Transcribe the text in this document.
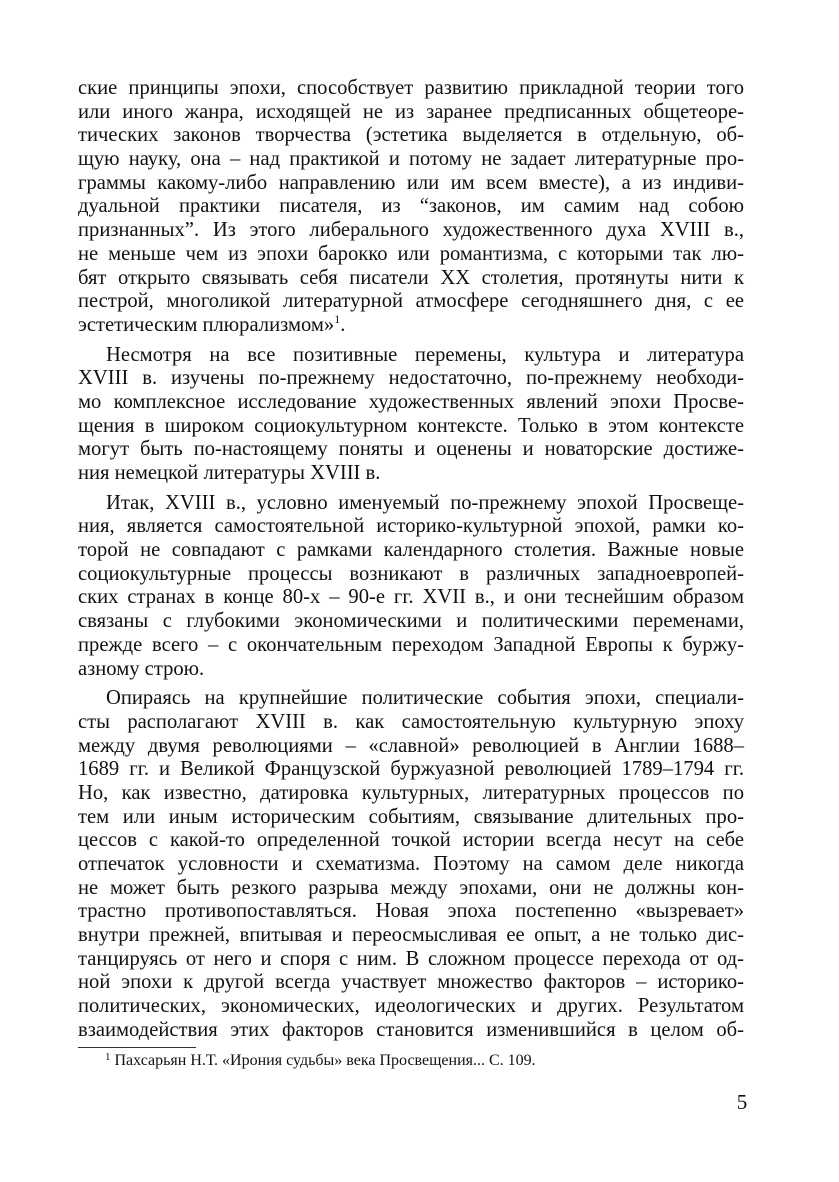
ские принципы эпохи, способствует развитию прикладной теории того
или иного жанра, исходящей не из заранее предписанных общетеоре-
тических законов творчества (эстетика выделяется в отдельную, об-
щую науку, она – над практикой и потому не задает литературные про-
граммы какому-либо направлению или им всем вместе), а из индиви-
дуальной практики писателя, из “законов, им самим над собою
признанных”. Из этого либерального художественного духа XVIII в.,
не меньше чем из эпохи барокко или романтизма, с которыми так лю-
бят открыто связывать себя писатели XX столетия, протянуты нити к
пестрой, многоликой литературной атмосфере сегодняшнего дня, с ее
эстетическим плюрализмом»$^1$.

Несмотря на все позитивные перемены, культура и литература
XVIII в. изучены по-прежнему недостаточно, по-прежнему необходи-
мо комплексное исследование художественных явлений эпохи Просве-
щения в широком социокультурном контексте. Только в этом контексте
могут быть по-настоящему поняты и оценены и новаторские достиже-
ния немецкой литературы XVIII в.

Итак, XVIII в., условно именуемый по-прежнему эпохой Просвеще-
ния, является самостоятельной историко-культурной эпохой, рамки ко-
торой не совпадают с рамками календарного столетия. Важные новые
социокультурные процессы возникают в различных западноевропей-
ских странах в конце 80-х – 90-е гг. XVII в., и они теснейшим образом
связаны с глубокими экономическими и политическими переменами,
прежде всего – с окончательным переходом Западной Европы к буржу-
азному строю.

Опираясь на крупнейшие политические события эпохи, специали-
сты располагают XVIII в. как самостоятельную культурную эпоху
между двумя революциями – «славной» революцией в Англии 1688–
1689 гг. и Великой Французской буржуазной революцией 1789–1794 гг.
Но, как известно, датировка культурных, литературных процессов по
тем или иным историческим событиям, связывание длительных про-
цессов с какой-то определенной точкой истории всегда несут на себе
отпечаток условности и схематизма. Поэтому на самом деле никогда
не может быть резкого разрыва между эпохами, они не должны кон-
трастно противопоставляться. Новая эпоха постепенно «вызревает»
внутри прежней, впитывая и переосмысливая ее опыт, а не только дис-
танцируясь от него и споря с ним. В сложном процессе перехода от од-
ной эпохи к другой всегда участвует множество факторов – историко-
политических, экономических, идеологических и других. Результатом
взаимодействия этих факторов становится изменившийся в целом об-

$^1$ Пахсарьян Н.Т. «Ирония судьбы» века Просвещения... С. 109.
5
